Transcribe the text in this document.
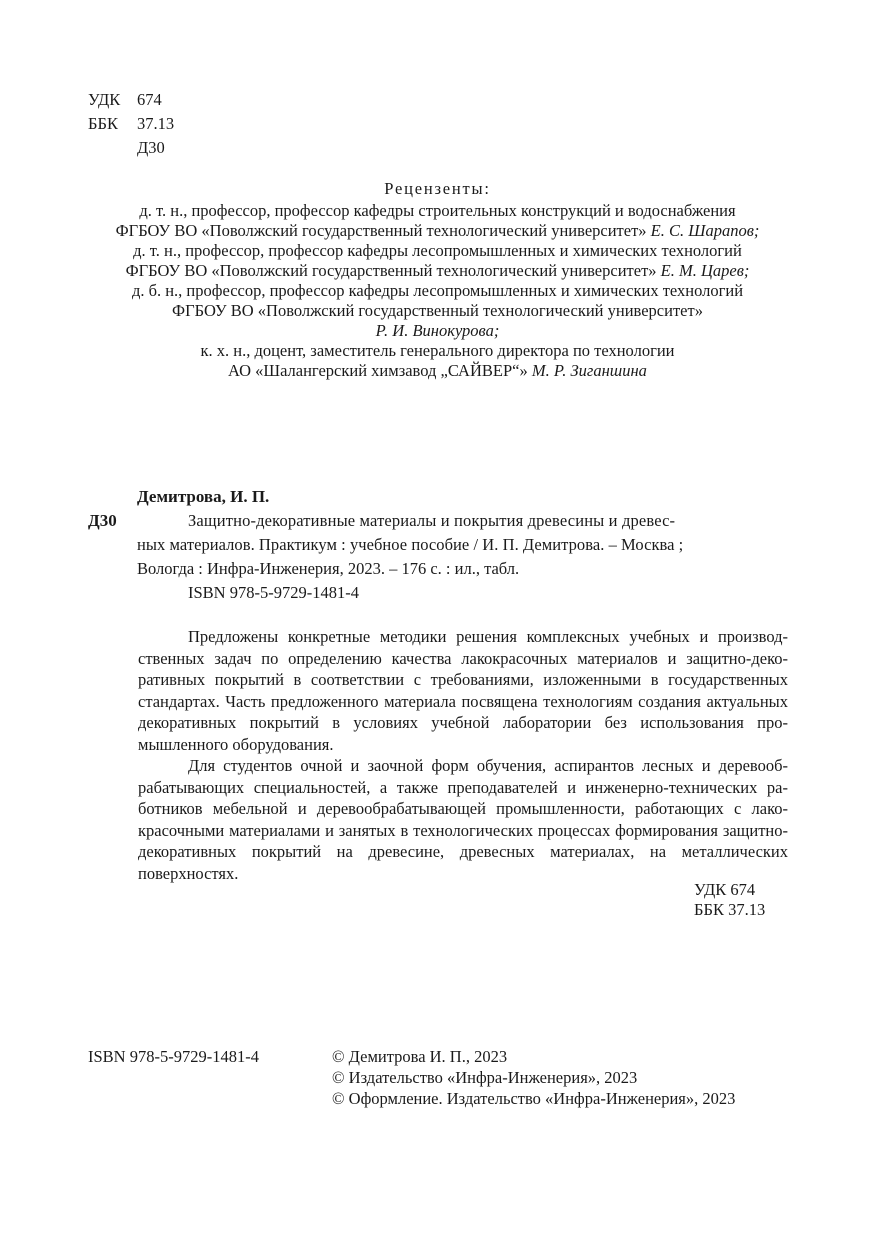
УДК 674
ББК 37.13
Д30
Рецензенты:
д. т. н., профессор, профессор кафедры строительных конструкций и водоснабжения
ФГБОУ ВО «Поволжский государственный технологический университет» Е. С. Шарапов;
д. т. н., профессор, профессор кафедры лесопромышленных и химических технологий
ФГБОУ ВО «Поволжский государственный технологический университет» Е. М. Царев;
д. б. н., профессор, профессор кафедры лесопромышленных и химических технологий
ФГБОУ ВО «Поволжский государственный технологический университет»
Р. И. Винокурова;
к. х. н., доцент, заместитель генерального директора по технологии
АО «Шалангерский химзавод „САЙВЕР“» М. Р. Зиганшина
Демитрова, И. П.
Д30	Защитно-декоративные материалы и покрытия древесины и древес-
ных материалов. Практикум : учебное пособие / И. П. Демитрова. – Москва ;
Вологда : Инфра-Инженерия, 2023. – 176 с. : ил., табл.
ISBN 978-5-9729-1481-4

Предложены конкретные методики решения комплексных учебных и производственных задач по определению качества лакокрасочных материалов и защитно-декоративных покрытий в соответствии с требованиями, изложенными в государственных стандартах. Часть предложенного материала посвящена технологиям создания актуальных декоративных покрытий в условиях учебной лаборатории без использования промышленного оборудования.

Для студентов очной и заочной форм обучения, аспирантов лесных и деревообрабатывающих специальностей, а также преподавателей и инженерно-технических работников мебельной и деревообрабатывающей промышленности, работающих с лакокрасочными материалами и занятых в технологических процессах формирования защитно-декоративных покрытий на древесине, древесных материалах, на металлических поверхностях.

УДК 674
ББК 37.13
ISBN 978-5-9729-1481-4	© Демитрова И. П., 2023
© Издательство «Инфра-Инженерия», 2023
© Оформление. Издательство «Инфра-Инженерия», 2023
